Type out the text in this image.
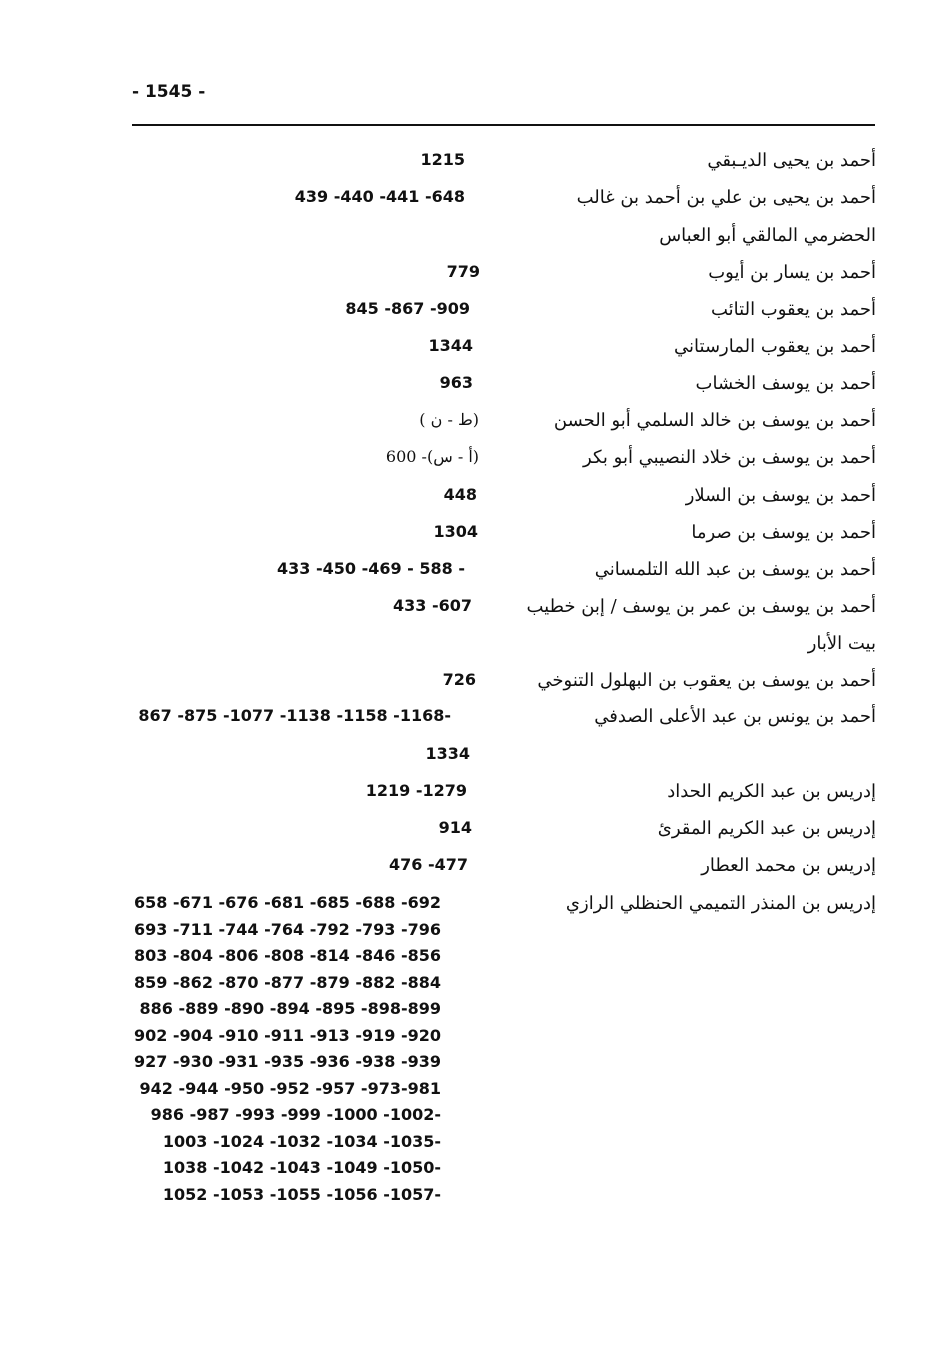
- 1545 -
أحمد بن يحيى الديـبقي
1215
أحمد بن يحيى بن علي بن أحمد بن غالب
439 -440 -441 -648
الحضرمي المالقي أبو العباس
أحمد بن يسار بن أيوب
779
أحمد بن يعقوب التائب
845 -867 -909
أحمد بن يعقوب المارستاني
1344
أحمد بن يوسف الخشاب
963
أحمد بن يوسف بن خالد السلمي أبو الحسن
(ط - ن )
أحمد بن يوسف بن خلاد النصيبي أبو بكر
(أ - س)- 600
أحمد بن يوسف بن السلار
448
أحمد بن يوسف بن صرما
1304
أحمد بن يوسف بن عبد الله التلمساني
433 -450 -469 - 588 -
أحمد بن يوسف بن عمر بن يوسف / إبن خطيب
433 -607
بيت الأبار
أحمد بن يوسف بن يعقوب بن البهلول التنوخي
726
أحمد بن يونس بن عبد الأعلى الصدفي
867 -875 -1077 -1138 -1158 -1168-
1334
إدريس بن عبد الكريم الحداد
1219 -1279
إدريس بن عبد الكريم المقرئ
914
إدريس بن محمد العطار
476 -477
إدريس بن المنذر التميمي الحنظلي الرازي
658 -671 -676 -681 -685 -688 -692
693 -711 -744 -764 -792 -793 -796
803 -804 -806 -808 -814 -846 -856
859 -862 -870 -877 -879 -882 -884
886 -889 -890 -894 -895 -898-899
902 -904 -910 -911 -913 -919 -920
927 -930 -931 -935 -936 -938 -939
942 -944 -950 -952 -957 -973-981
986 -987 -993 -999 -1000 -1002-
1003 -1024 -1032 -1034 -1035-
1038 -1042 -1043 -1049 -1050-
1052 -1053 -1055 -1056 -1057-
